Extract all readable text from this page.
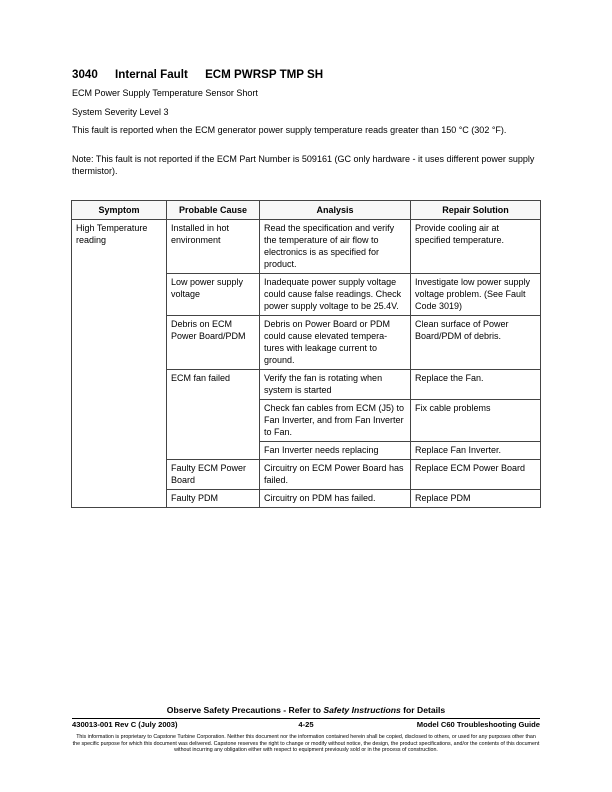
3040 Internal Fault ECM PWRSP TMP SH
ECM Power Supply Temperature Sensor Short
System Severity Level 3
This fault is reported when the ECM generator power supply temperature reads greater than 150 °C (302 °F).
Note: This fault is not reported if the ECM Part Number is 509161 (GC only hardware - it uses different power supply thermistor).
Symptom	Probable Cause	Analysis	Repair Solution
High Temperature reading	Installed in hot environment	Read the specification and verify the temperature of air flow to electronics is as specified for product.	Provide cooling air at specified temperature.
	Low power supply voltage	Inadequate power supply voltage could cause false readings. Check power supply voltage to be 25.4V.	Investigate low power supply voltage problem. (See Fault Code 3019)
	Debris on ECM Power Board/PDM	Debris on Power Board or PDM could cause elevated tempera-tures with leakage current to ground.	Clean surface of Power Board/PDM of debris.
	ECM fan failed	Verify the fan is rotating when system is started	Replace the Fan.
		Check fan cables from ECM (J5) to Fan Inverter, and from Fan Inverter to Fan.	Fix cable problems
		Fan Inverter needs replacing	Replace Fan Inverter.
	Faulty ECM Power Board	Circuitry on ECM Power Board has failed.	Replace ECM Power Board
	Faulty PDM	Circuitry on PDM has failed.	Replace PDM
Observe Safety Precautions - Refer to Safety Instructions for Details
430013-001 Rev C (July 2003)	4-25	Model C60 Troubleshooting Guide
This information is proprietary to Capstone Turbine Corporation. Neither this document nor the information contained herein shall be copied, disclosed to others, or used for any purposes other than the specific purpose for which this document was delivered. Capstone reserves the right to change or modify without notice, the design, the product specifications, and/or the contents of this document without incurring any obligation either with respect to equipment previously sold or in the process of construction.
